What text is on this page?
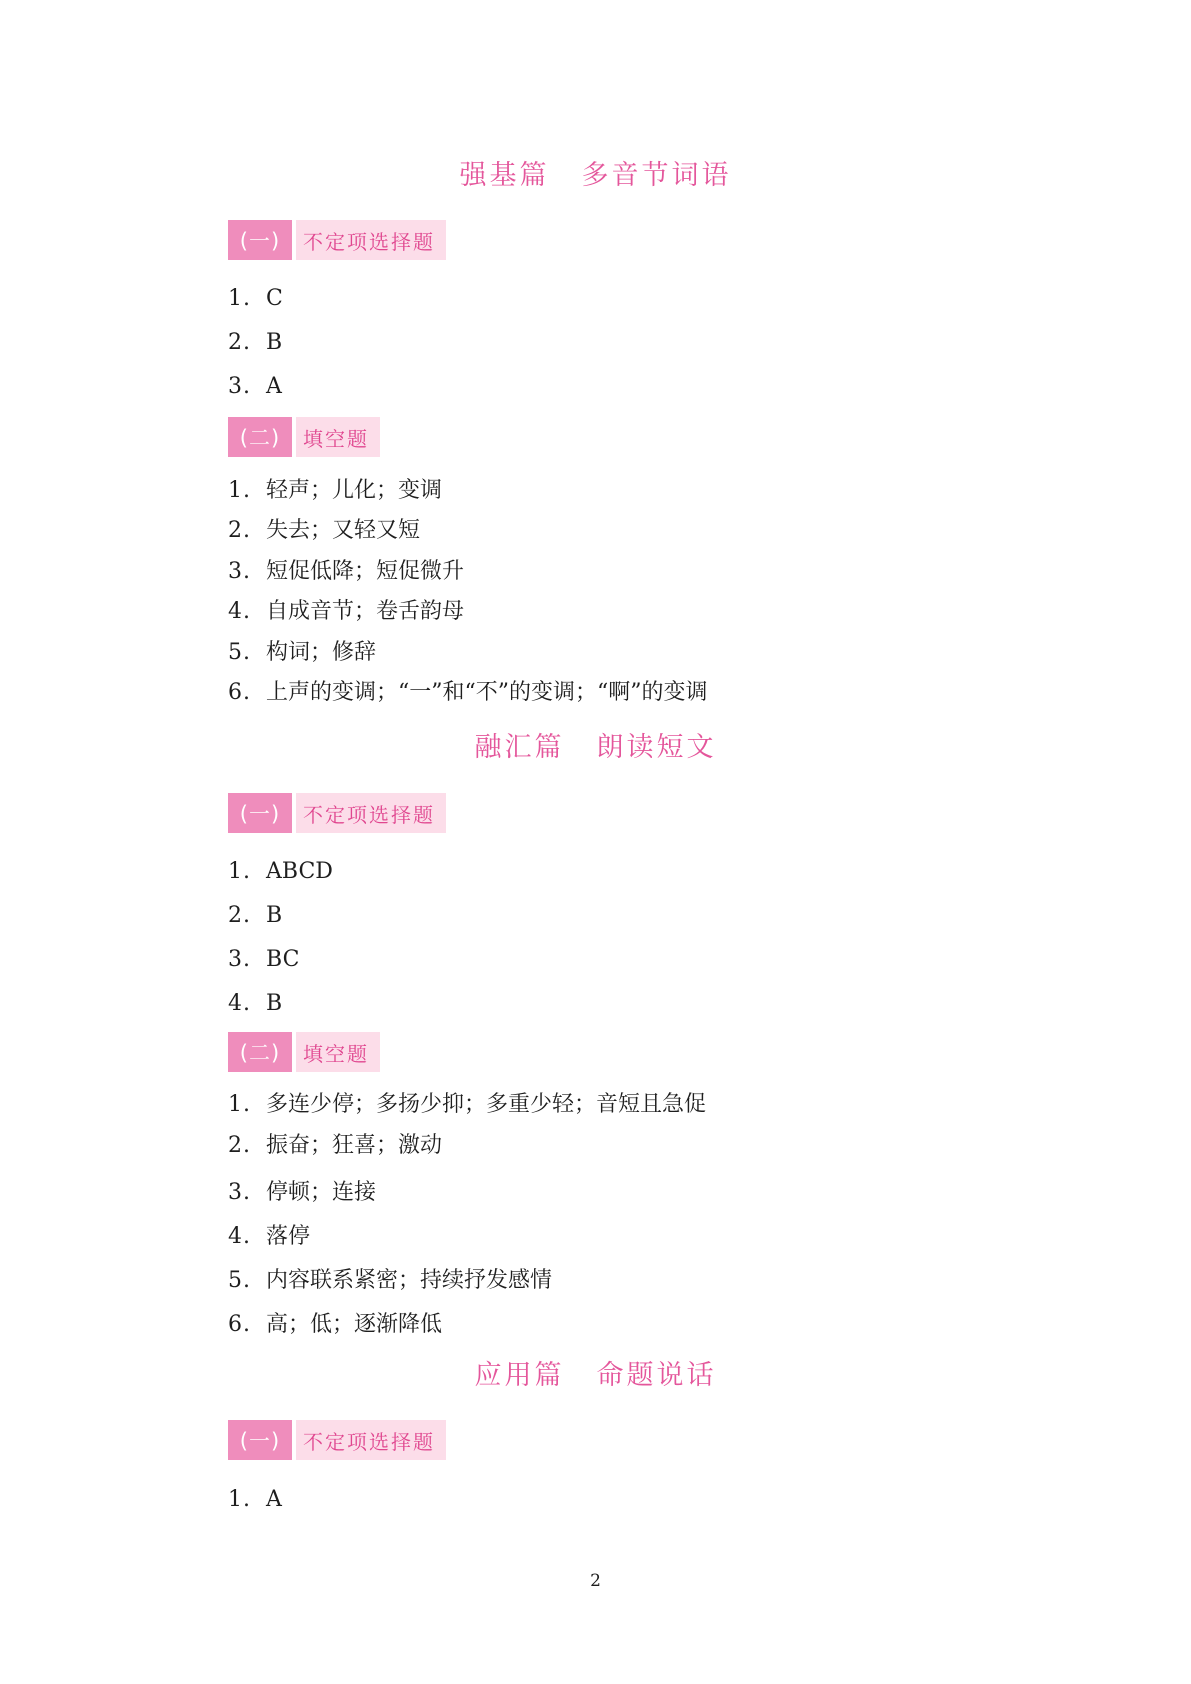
强基篇 多音节词语
(一)	不定项选择题
1. C
2. B
3. A
(二)	填空题
1. 轻声；儿化；变调
2. 失去；又轻又短
3. 短促低降；短促微升
4. 自成音节；卷舌韵母
5. 构词；修辞
6. 上声的变调；“一”和“不”的变调；“啊”的变调
融汇篇 朗读短文
(一)	不定项选择题
1. ABCD
2. B
3. BC
4. B
(二)	填空题
1. 多连少停；多扬少抑；多重少轻；音短且急促
2. 振奋；狂喜；激动
3. 停顿；连接
4. 落停
5. 内容联系紧密；持续抒发感情
6. 高；低；逐渐降低
应用篇 命题说话
(一)	不定项选择题
1. A
2
